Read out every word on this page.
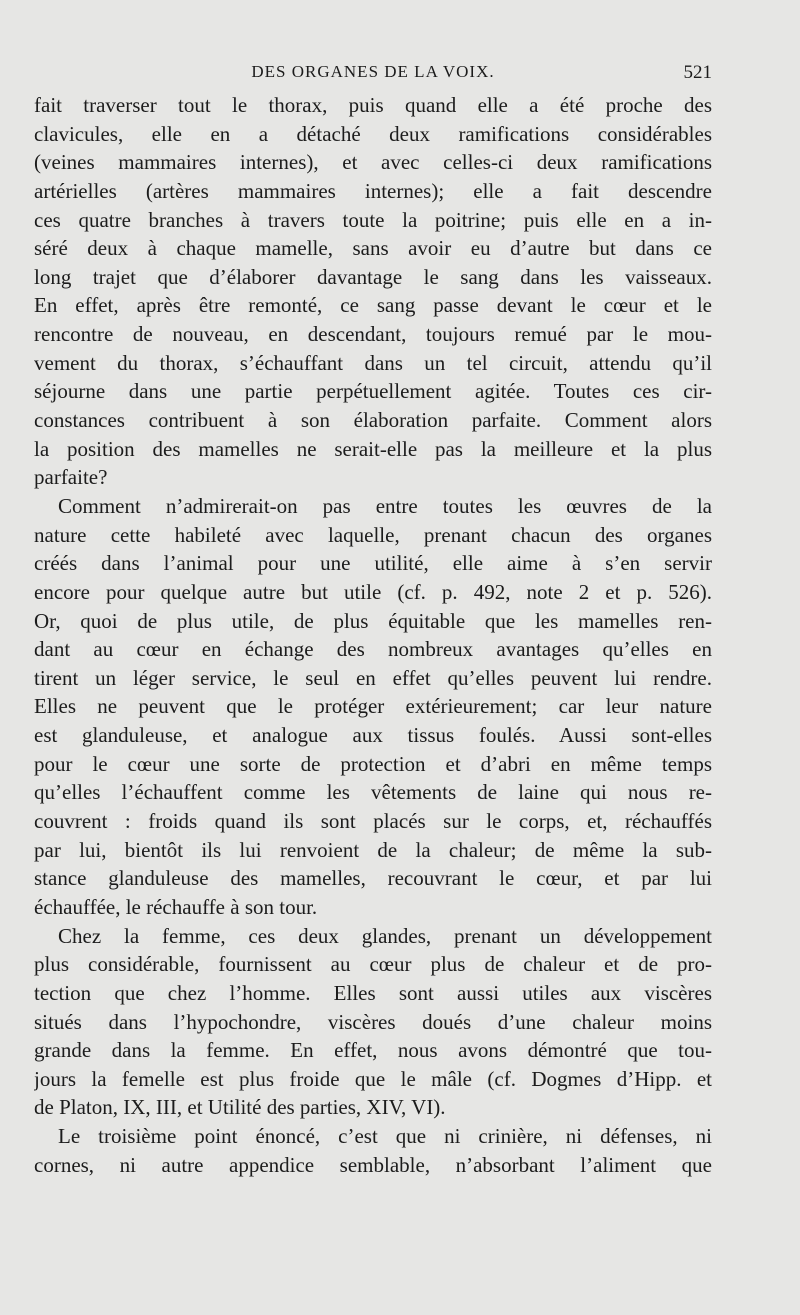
DES ORGANES DE LA VOIX.	521
fait traverser tout le thorax, puis quand elle a été proche des
clavicules, elle en a détaché deux ramifications considérables
(veines mammaires internes), et avec celles-ci deux ramifications
artérielles (artères mammaires internes); elle a fait descendre
ces quatre branches à travers toute la poitrine; puis elle en a in-
séré deux à chaque mamelle, sans avoir eu d’autre but dans ce
long trajet que d’élaborer davantage le sang dans les vaisseaux.
En effet, après être remonté, ce sang passe devant le cœur et le
rencontre de nouveau, en descendant, toujours remué par le mou-
vement du thorax, s’échauffant dans un tel circuit, attendu qu’il
séjourne dans une partie perpétuellement agitée. Toutes ces cir-
constances contribuent à son élaboration parfaite. Comment alors
la position des mamelles ne serait-elle pas la meilleure et la plus
parfaite?
Comment n’admirerait-on pas entre toutes les œuvres de la
nature cette habileté avec laquelle, prenant chacun des organes
créés dans l’animal pour une utilité, elle aime à s’en servir
encore pour quelque autre but utile (cf. p. 492, note 2 et p. 526).
Or, quoi de plus utile, de plus équitable que les mamelles ren-
dant au cœur en échange des nombreux avantages qu’elles en
tirent un léger service, le seul en effet qu’elles peuvent lui rendre.
Elles ne peuvent que le protéger extérieurement; car leur nature
est glanduleuse, et analogue aux tissus foulés. Aussi sont-elles
pour le cœur une sorte de protection et d’abri en même temps
qu’elles l’échauffent comme les vêtements de laine qui nous re-
couvrent : froids quand ils sont placés sur le corps, et, réchauffés
par lui, bientôt ils lui renvoient de la chaleur; de même la sub-
stance glanduleuse des mamelles, recouvrant le cœur, et par lui
échauffée, le réchauffe à son tour.
Chez la femme, ces deux glandes, prenant un développement
plus considérable, fournissent au cœur plus de chaleur et de pro-
tection que chez l’homme. Elles sont aussi utiles aux viscères
situés dans l’hypochondre, viscères doués d’une chaleur moins
grande dans la femme. En effet, nous avons démontré que tou-
jours la femelle est plus froide que le mâle (cf. Dogmes d’Hipp. et
de Platon, IX, III, et Utilité des parties, XIV, VI).
Le troisième point énoncé, c’est que ni crinière, ni défenses, ni
cornes, ni autre appendice semblable, n’absorbant l’aliment que
